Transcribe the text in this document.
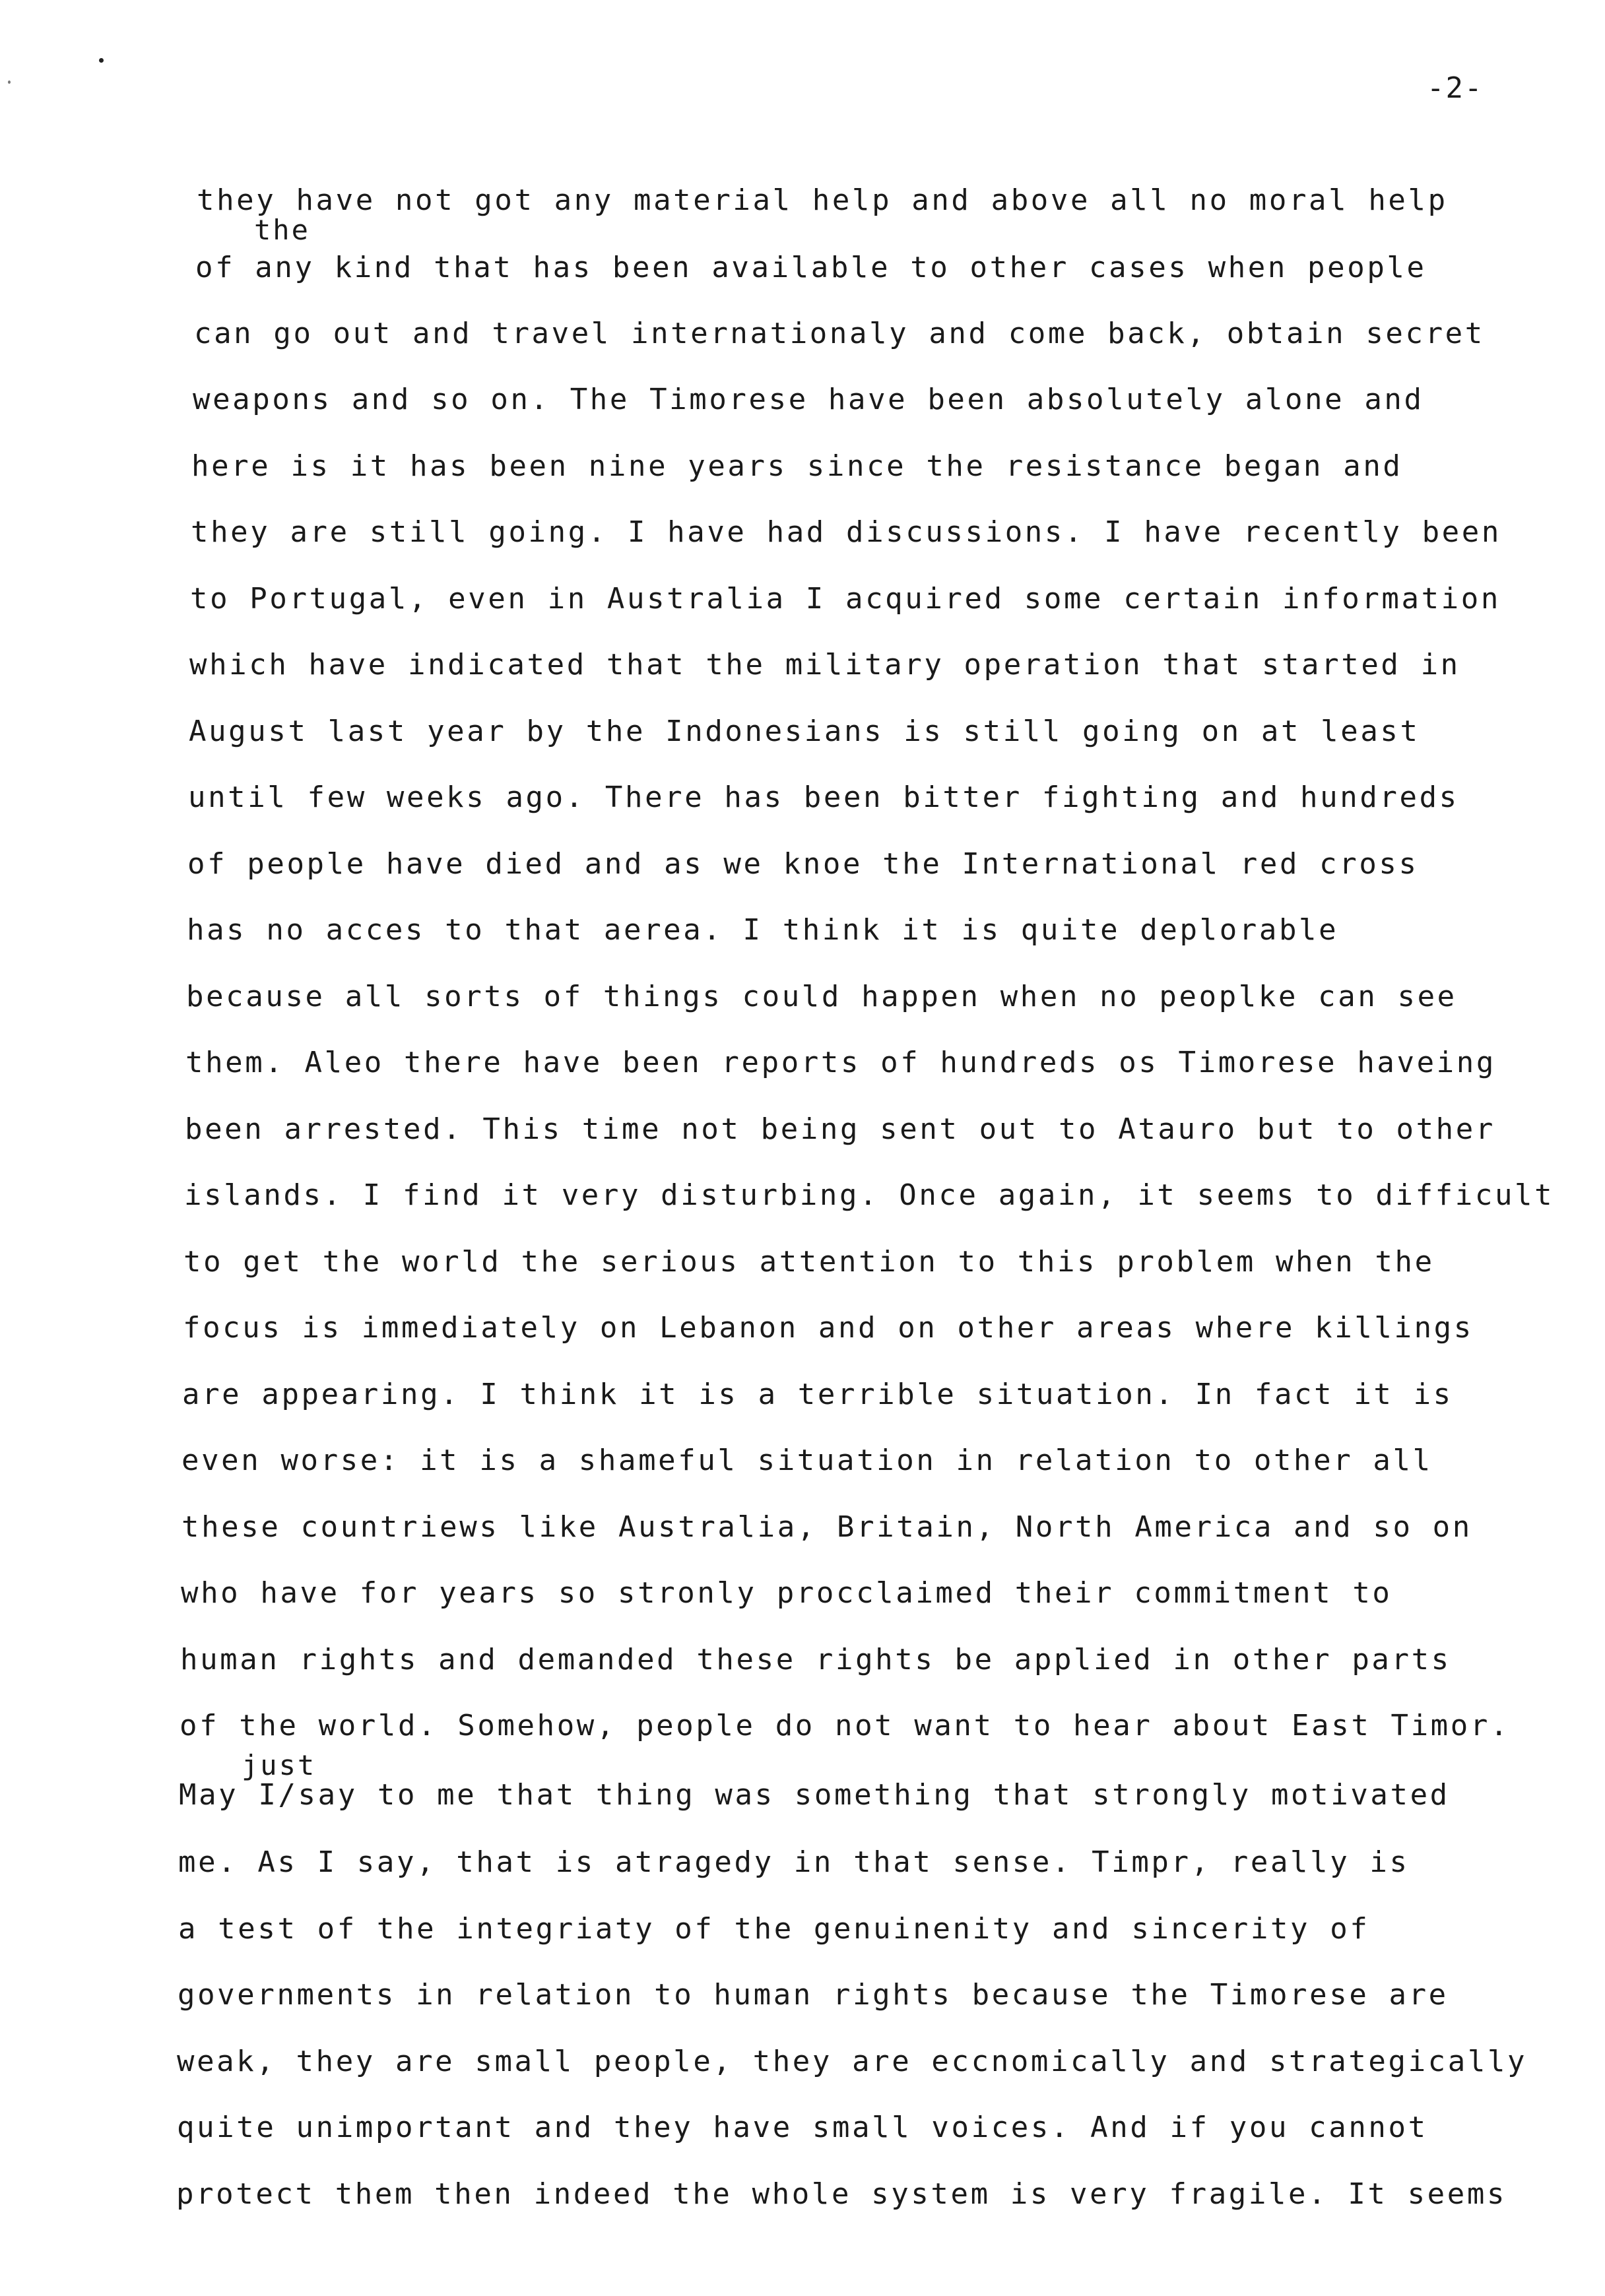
-2-
the
just
they have not got any material help and above all no moral help
of any kind that has been available to other cases when people
can go out and travel internationaly and come back, obtain secret
weapons and so on. The Timorese have been absolutely alone and
here is it has been nine years since the resistance began and
they are still going. I have had discussions. I have recently been
to Portugal, even in Australia I acquired some certain information
which have indicated that the military operation that started in
August last year by the Indonesians is still going on at least
until few weeks ago. There has been bitter fighting and hundreds
of people have died and as we knoe the International red cross
has no acces to that aerea. I think it is quite deplorable
because all sorts of things could happen when no peoplke can see
them. Aleo there have been reports of hundreds os Timorese haveing
been arrested. This time not being sent out to Atauro but to other
islands. I find it very disturbing. Once again, it seems to difficult
to get the world the serious attention to this problem when the
focus is immediately on Lebanon and on other areas where killings
are appearing. I think it is a terrible situation. In fact it is
even worse: it is a shameful situation in relation to other all
these countriews like Australia, Britain, North America and so on
who have for years so stronly procclaimed their commitment to
human rights and demanded these rights be applied in other parts
of the world. Somehow, people do not want to hear about East Timor.
May I/say to me that thing was something that strongly motivated
me. As I say, that is atragedy in that sense. Timpr, really is
a test of the integriaty of the genuinenity and sincerity of
governments in relation to human rights because the Timorese are
weak, they are small people, they are eccnomically and strategically
quite unimportant and they have small voices. And if you cannot
protect them then indeed the whole system is very fragile. It seems
